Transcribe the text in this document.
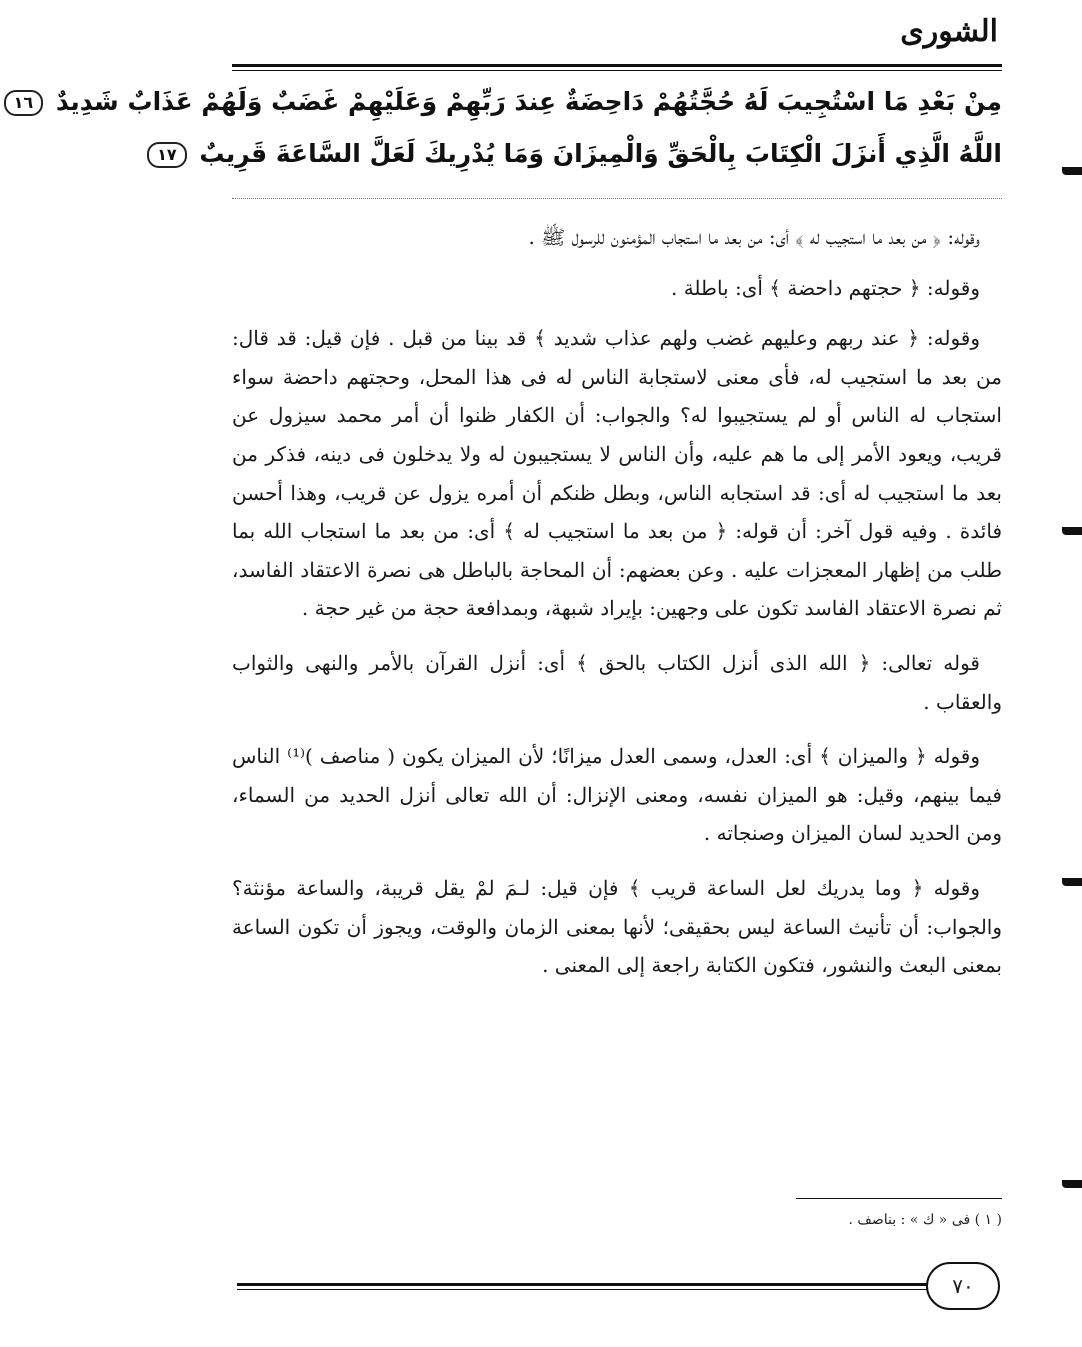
الشورى
مِنْ بَعْدِ مَا اسْتُجِيبَ لَهُ حُجَّتُهُمْ دَاحِضَةٌ عِندَ رَبِّهِمْ وَعَلَيْهِمْ غَضَبٌ وَلَهُمْ عَذَابٌ شَدِيدٌ ١٦
اللَّهُ الَّذِي أَنزَلَ الْكِتَابَ بِالْحَقِّ وَالْمِيزَانَ وَمَا يُدْرِيكَ لَعَلَّ السَّاعَةَ قَرِيبٌ ١٧

وقوله: ﴿ من بعد ما استجيب له ﴾ أى: من بعد ما استجاب المؤمنون للرسول ﷺ .

وقوله: ﴿ حجتهم داحضة ﴾ أى: باطلة .

وقوله: ﴿ عند ربهم وعليهم غضب ولهم عذاب شديد ﴾ قد بينا من قبل . فإن قيل: قد قال: من بعد ما استجيب له، فأى معنى لاستجابة الناس له فى هذا المحل، وحجتهم داحضة سواء استجاب له الناس أو لم يستجيبوا له؟ والجواب: أن الكفار ظنوا أن أمر محمد سيزول عن قريب، ويعود الأمر إلى ما هم عليه، وأن الناس لا يستجيبون له ولا يدخلون فى دينه، فذكر من بعد ما استجيب له أى: قد استجابه الناس، وبطل ظنكم أن أمره يزول عن قريب، وهذا أحسن فائدة . وفيه قول آخر: أن قوله: ﴿ من بعد ما استجيب له ﴾ أى: من بعد ما استجاب الله بما طلب من إظهار المعجزات عليه . وعن بعضهم: أن المحاجة بالباطل هى نصرة الاعتقاد الفاسد، ثم نصرة الاعتقاد الفاسد تكون على وجهين: بإيراد شبهة، وبمدافعة حجة من غير حجة .

قوله تعالى: ﴿ الله الذى أنزل الكتاب بالحق ﴾ أى: أنزل القرآن بالأمر والنهى والثواب والعقاب .

وقوله ﴿ والميزان ﴾ أى: العدل، وسمى العدل ميزانًا؛ لأن الميزان يكون ( مناصف )⁽¹⁾ الناس فيما بينهم، وقيل: هو الميزان نفسه، ومعنى الإنزال: أن الله تعالى أنزل الحديد من السماء، ومن الحديد لسان الميزان وصنجاته .

وقوله ﴿ وما يدريك لعل الساعة قريب ﴾ فإن قيل: لـمَ لمْ يقل قريبة، والساعة مؤنثة؟ والجواب: أن تأنيث الساعة ليس بحقيقى؛ لأنها بمعنى الزمان والوقت، ويجوز أن تكون الساعة بمعنى البعث والنشور، فتكون الكتابة راجعة إلى المعنى .

( ١ ) فى « ك » : بناصف .
٧٠
